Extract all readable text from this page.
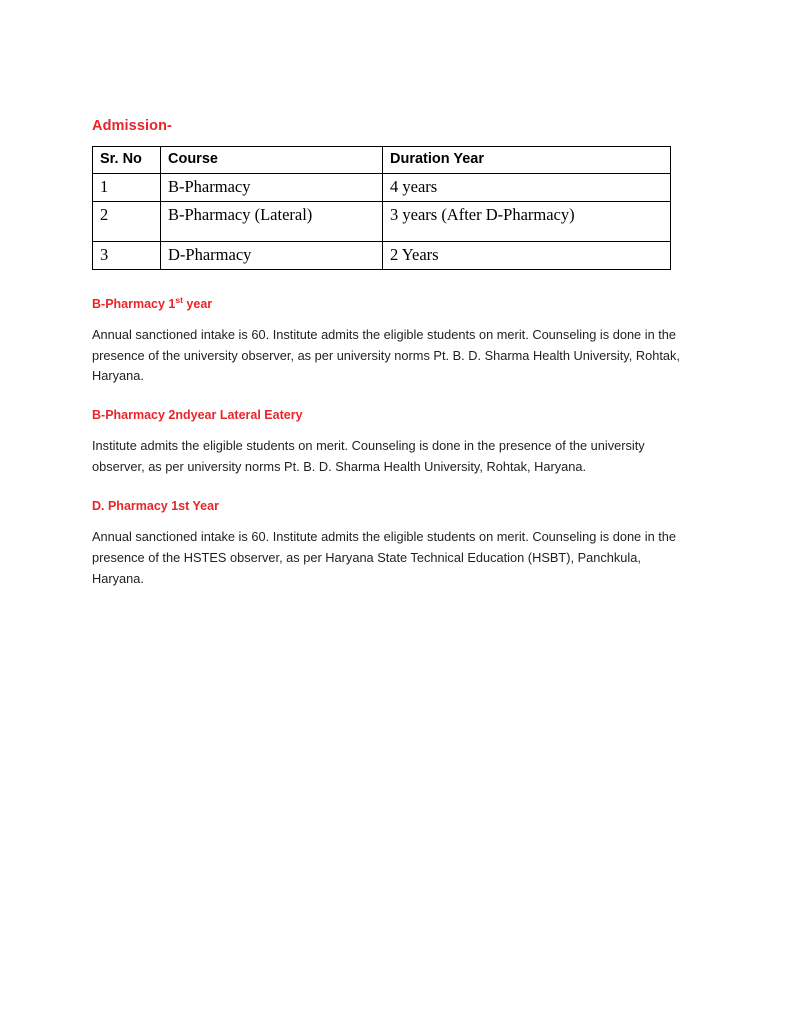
Admission-
Sr. No	Course	Duration Year
1	B-Pharmacy	4 years
2	B-Pharmacy (Lateral)	3 years (After D-Pharmacy)
3	D-Pharmacy	2 Years
B-Pharmacy 1st year

Annual sanctioned intake is 60. Institute admits the eligible students on merit. Counseling is done in the presence of the university observer, as per university norms Pt. B. D. Sharma Health University, Rohtak, Haryana.

B-Pharmacy 2ndyear Lateral Eatery

Institute admits the eligible students on merit. Counseling is done in the presence of the university observer, as per university norms Pt. B. D. Sharma Health University, Rohtak, Haryana.

D. Pharmacy 1st Year

Annual sanctioned intake is 60. Institute admits the eligible students on merit. Counseling is done in the presence of the HSTES observer, as per Haryana State Technical Education (HSBT), Panchkula, Haryana.
